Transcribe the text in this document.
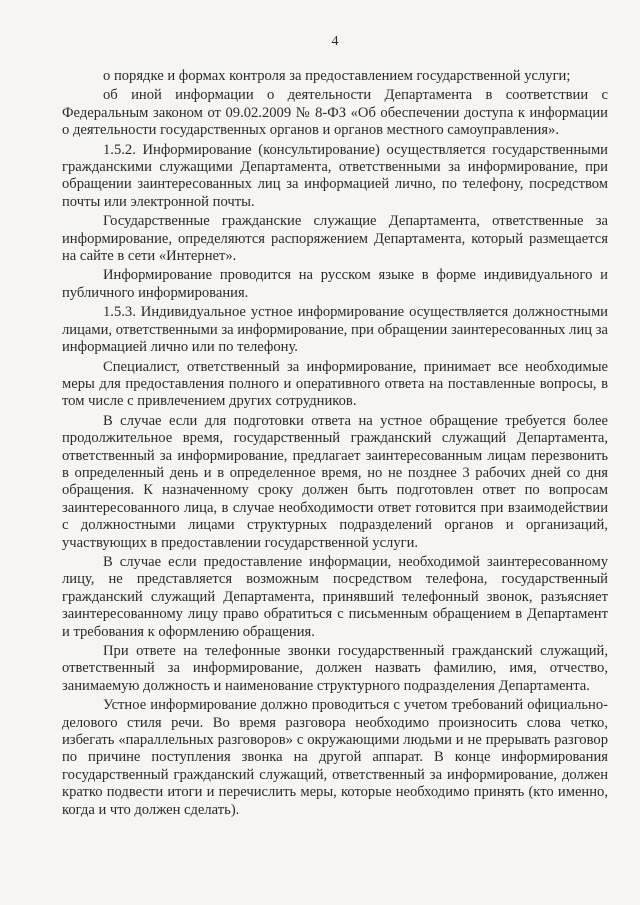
4

о порядке и формах контроля за предоставлением государственной услуги;

об иной информации о деятельности Департамента в соответствии с Федеральным законом от 09.02.2009 № 8-ФЗ «Об обеспечении доступа к информации о деятельности государственных органов и органов местного самоуправления».

1.5.2. Информирование (консультирование) осуществляется государственными гражданскими служащими Департамента, ответственными за информирование, при обращении заинтересованных лиц за информацией лично, по телефону, посредством почты или электронной почты.

Государственные гражданские служащие Департамента, ответственные за информирование, определяются распоряжением Департамента, который размещается на сайте в сети «Интернет».

Информирование проводится на русском языке в форме индивидуального и публичного информирования.

1.5.3. Индивидуальное устное информирование осуществляется должностными лицами, ответственными за информирование, при обращении заинтересованных лиц за информацией лично или по телефону.

Специалист, ответственный за информирование, принимает все необходимые меры для предоставления полного и оперативного ответа на поставленные вопросы, в том числе с привлечением других сотрудников.

В случае если для подготовки ответа на устное обращение требуется более продолжительное время, государственный гражданский служащий Департамента, ответственный за информирование, предлагает заинтересованным лицам перезвонить в определенный день и в определенное время, но не позднее 3 рабочих дней со дня обращения. К назначенному сроку должен быть подготовлен ответ по вопросам заинтересованного лица, в случае необходимости ответ готовится при взаимодействии с должностными лицами структурных подразделений органов и организаций, участвующих в предоставлении государственной услуги.

В случае если предоставление информации, необходимой заинтересованному лицу, не представляется возможным посредством телефона, государственный гражданский служащий Департамента, принявший телефонный звонок, разъясняет заинтересованному лицу право обратиться с письменным обращением в Департамент и требования к оформлению обращения.

При ответе на телефонные звонки государственный гражданский служащий, ответственный за информирование, должен назвать фамилию, имя, отчество, занимаемую должность и наименование структурного подразделения Департамента.

Устное информирование должно проводиться с учетом требований официально-делового стиля речи. Во время разговора необходимо произносить слова четко, избегать «параллельных разговоров» с окружающими людьми и не прерывать разговор по причине поступления звонка на другой аппарат. В конце информирования государственный гражданский служащий, ответственный за информирование, должен кратко подвести итоги и перечислить меры, которые необходимо принять (кто именно, когда и что должен сделать).
